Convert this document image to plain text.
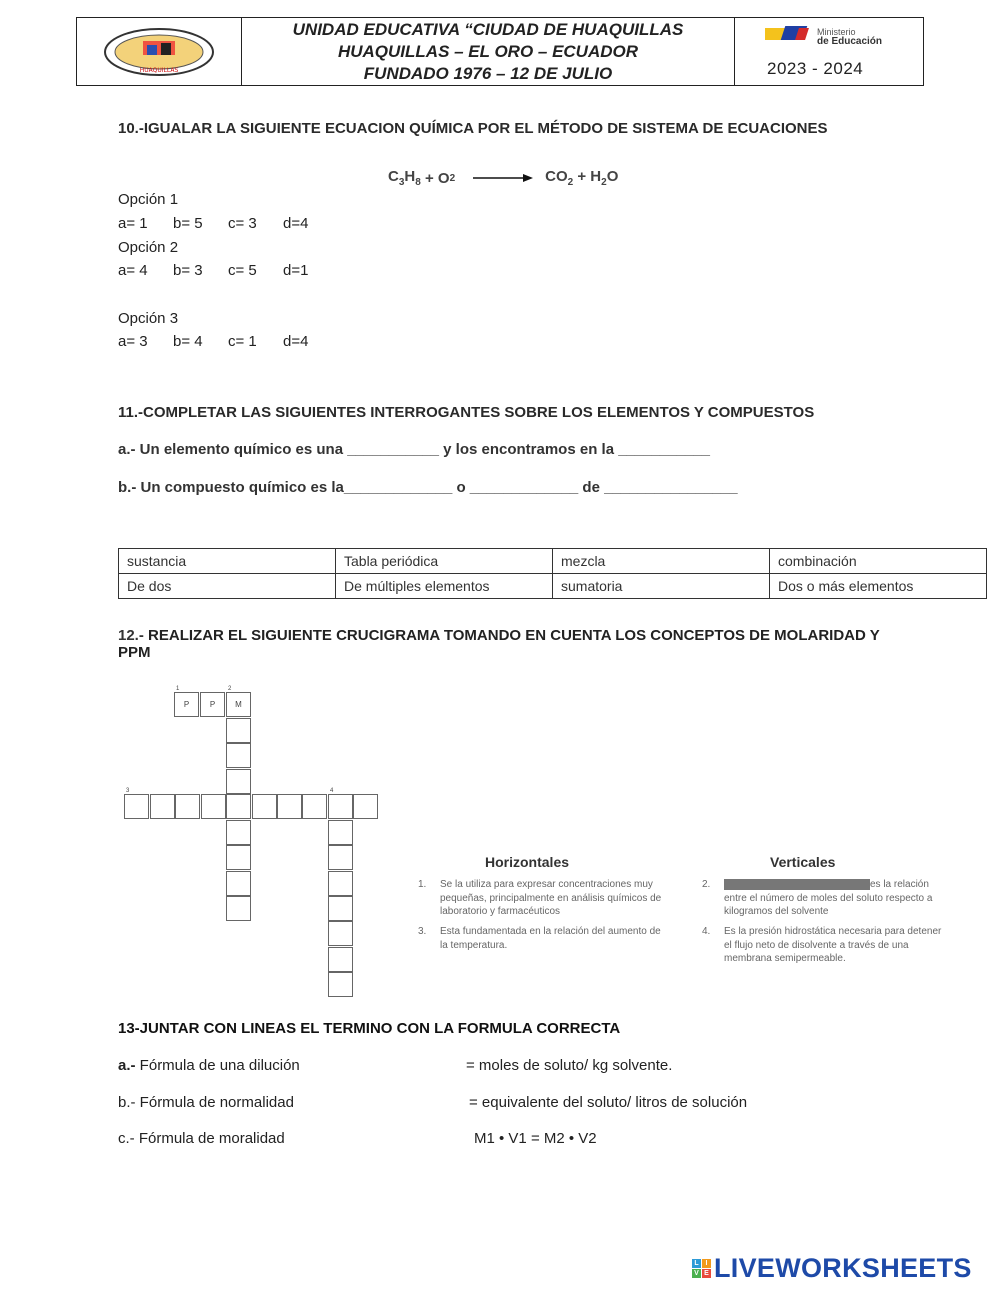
HUAQUILLAS
UNIDAD EDUCATIVA “CIUDAD DE HUAQUILLAS
HUAQUILLAS – EL ORO – ECUADOR
FUNDADO 1976 – 12 DE JULIO
Ministerio
de Educación
2023 - 2024
10.-IGUALAR LA SIGUIENTE ECUACION QUÍMICA POR EL MÉTODO DE SISTEMA DE ECUACIONES
$C_3H_8 + O$ $2 \to CO_2 + H_2O$
Opción 1
a= 1 b= 5 c= 3 d=4
Opción 2
a= 4 b= 3 c= 5 d=1
Opción 3
a= 3 b= 4 c= 1 d=4
11.-COMPLETAR LAS SIGUIENTES INTERROGANTES SOBRE LOS ELEMENTOS Y COMPUESTOS
a.- Un elemento químico es una ___________ y los encontramos en la ___________
b.- Un compuesto químico es la_____________ o _____________ de ________________
sustancia	Tabla periódica	mezcla	combinación
De dos	De múltiples elementos	sumatoria	Dos o más elementos
12.- REALIZAR EL SIGUIENTE CRUCIGRAMA TOMANDO EN CUENTA LOS CONCEPTOS DE MOLARIDAD Y
PPM
1
P	P
2
M
3	4
Horizontales	Verticales
1. Se la utiliza para expresar concentraciones muy
pequeñas, principalmente en análisis químicos de
laboratorio y farmacéuticos
3. Esta fundamentada en la relación del aumento de
la temperatura.
2.	es la relación
entre el número de moles del soluto respecto a
kilogramos del solvente
4. Es la presión hidrostática necesaria para detener
el flujo neto de disolvente a través de una
membrana semipermeable.
13-JUNTAR CON LINEAS EL TERMINO CON LA FORMULA CORRECTA
a.- Fórmula de una dilución	= moles de soluto/ kg solvente.
b.- Fórmula de normalidad	= equivalente del soluto/ litros de solución
c.- Fórmula de moralidad	M1 • V1 = M2 • V2
L I
V E LIVEWORKSHEETS
